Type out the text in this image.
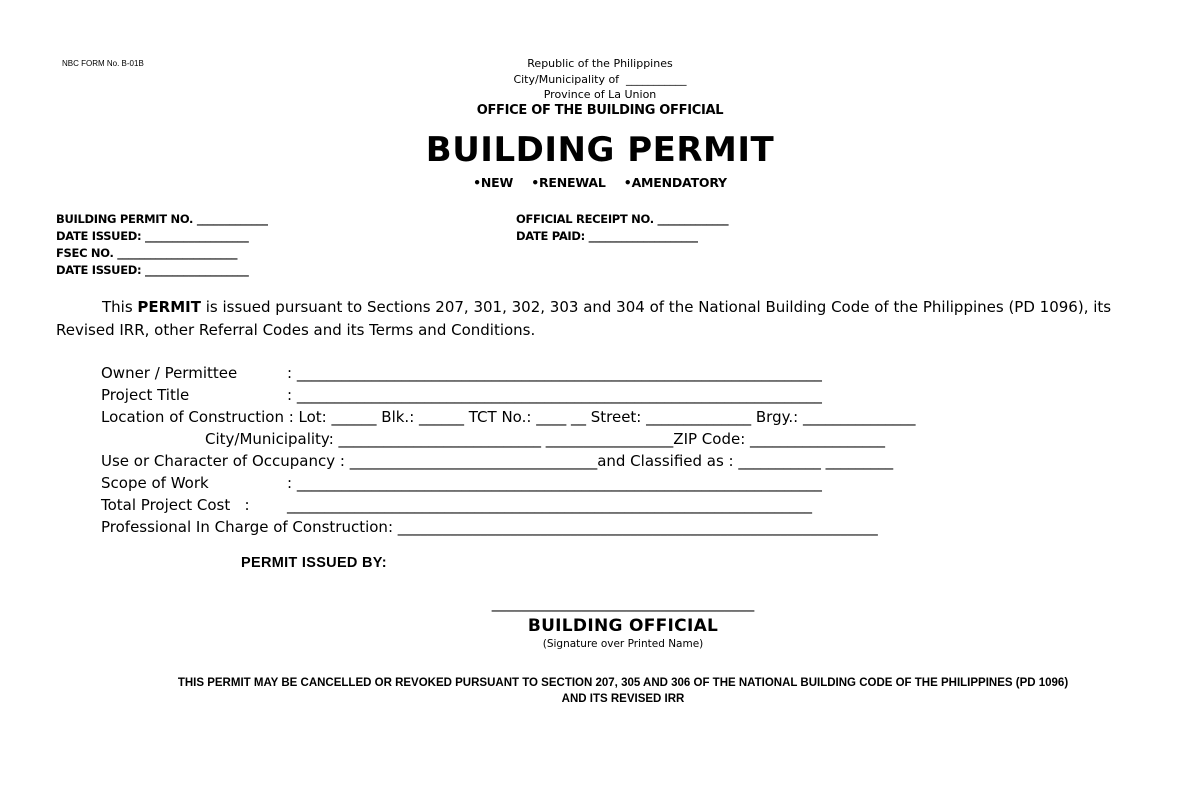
NBC FORM No. B-01B	Republic of the Philippines
City/Municipality of  ___________
Province of La Union
OFFICE OF THE BUILDING OFFICIAL
BUILDING PERMIT
•NEW •RENEWAL •AMENDATORY
BUILDING PERMIT NO. _____________
DATE ISSUED: ___________________
FSEC NO. ______________________
DATE ISSUED: ___________________
OFFICIAL RECEIPT NO. _____________
DATE PAID: ____________________
This PERMIT is issued pursuant to Sections 207, 301, 302, 303 and 304 of the National Building Code of the Philippines (PD 1096), its Revised IRR, other Referral Codes and its Terms and Conditions.
Owner / Permittee	: ______________________________________________________________________
Project Title	: ______________________________________________________________________
Location of Construction : Lot: ______ Blk.: ______ TCT No.: ____ __ Street: ______________ Brgy.: _______________
City/Municipality: ___________________________ _________________ZIP Code: __________________
Use or Character of Occupancy : _________________________________and Classified as : ___________ _________
Scope of Work	: ______________________________________________________________________
Total Project Cost   : ______________________________________________________________________
Professional In Charge of Construction: ________________________________________________________________
PERMIT ISSUED BY:
___________________________________
BUILDING OFFICIAL
(Signature over Printed Name)
THIS PERMIT MAY BE CANCELLED OR REVOKED PURSUANT TO SECTION 207, 305 AND 306 OF THE NATIONAL BUILDING CODE OF THE PHILIPPINES (PD 1096)
AND ITS REVISED IRR
